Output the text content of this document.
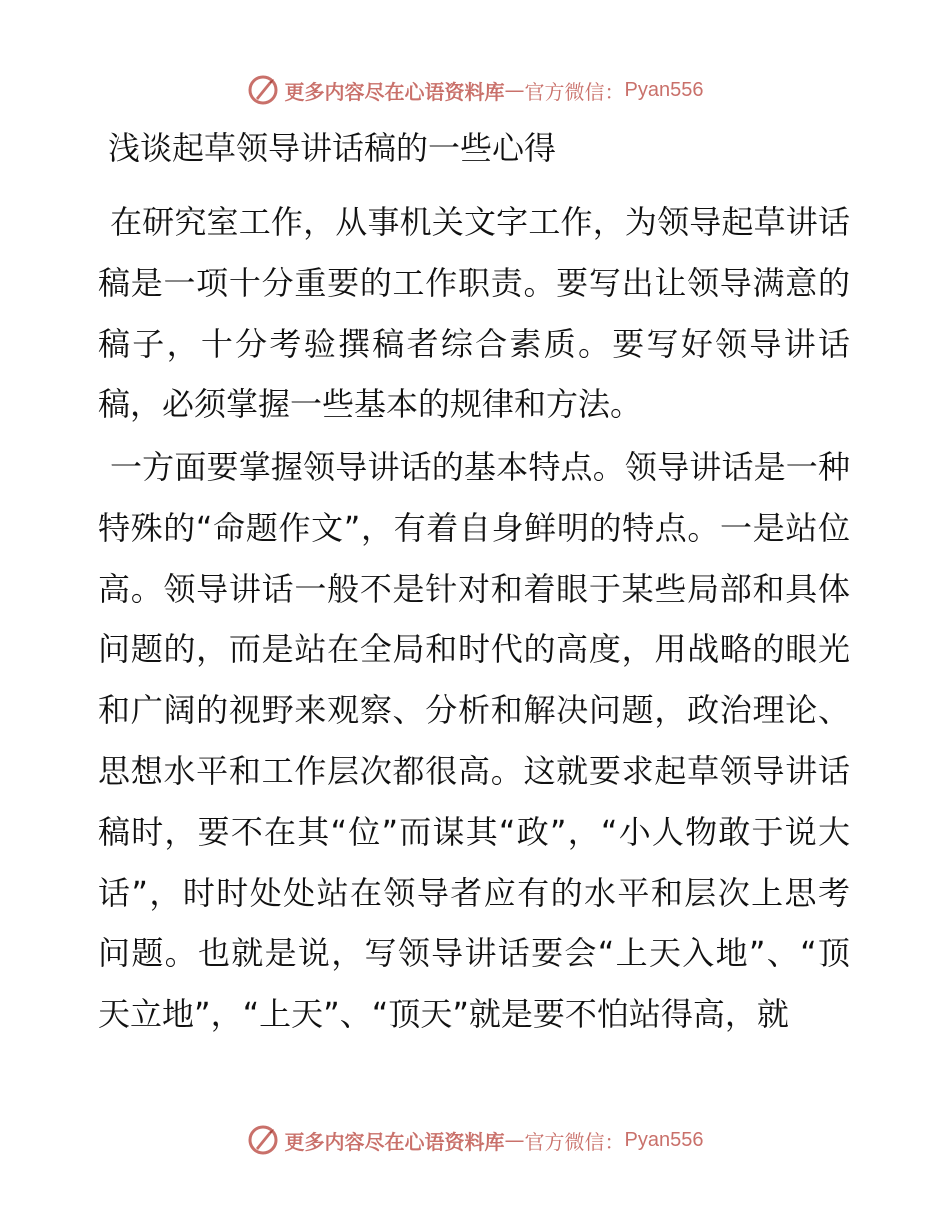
更多内容尽在心语资料库 — 官方微信： Pyan556
浅谈起草领导讲话稿的一些心得
在研究室工作，从事机关文字工作，为领导起草讲话稿是一项十分重要的工作职责。要写出让领导满意的稿子，十分考验撰稿者综合素质。要写好领导讲话稿，必须掌握一些基本的规律和方法。
一方面要掌握领导讲话的基本特点。领导讲话是一种特殊的“命题作文”，有着自身鲜明的特点。一是站位高。领导讲话一般不是针对和着眼于某些局部和具体问题的，而是站在全局和时代的高度，用战略的眼光和广阔的视野来观察、分析和解决问题，政治理论、思想水平和工作层次都很高。这就要求起草领导讲话稿时，要不在其“位”而谋其“政”，“小人物敢于说大话”，时时处处站在领导者应有的水平和层次上思考问题。也就是说，写领导讲话要会“上天入地”、“顶天立地”，“上天”、“顶天”就是要不怕站得高，就
更多内容尽在心语资料库 — 官方微信： Pyan556
